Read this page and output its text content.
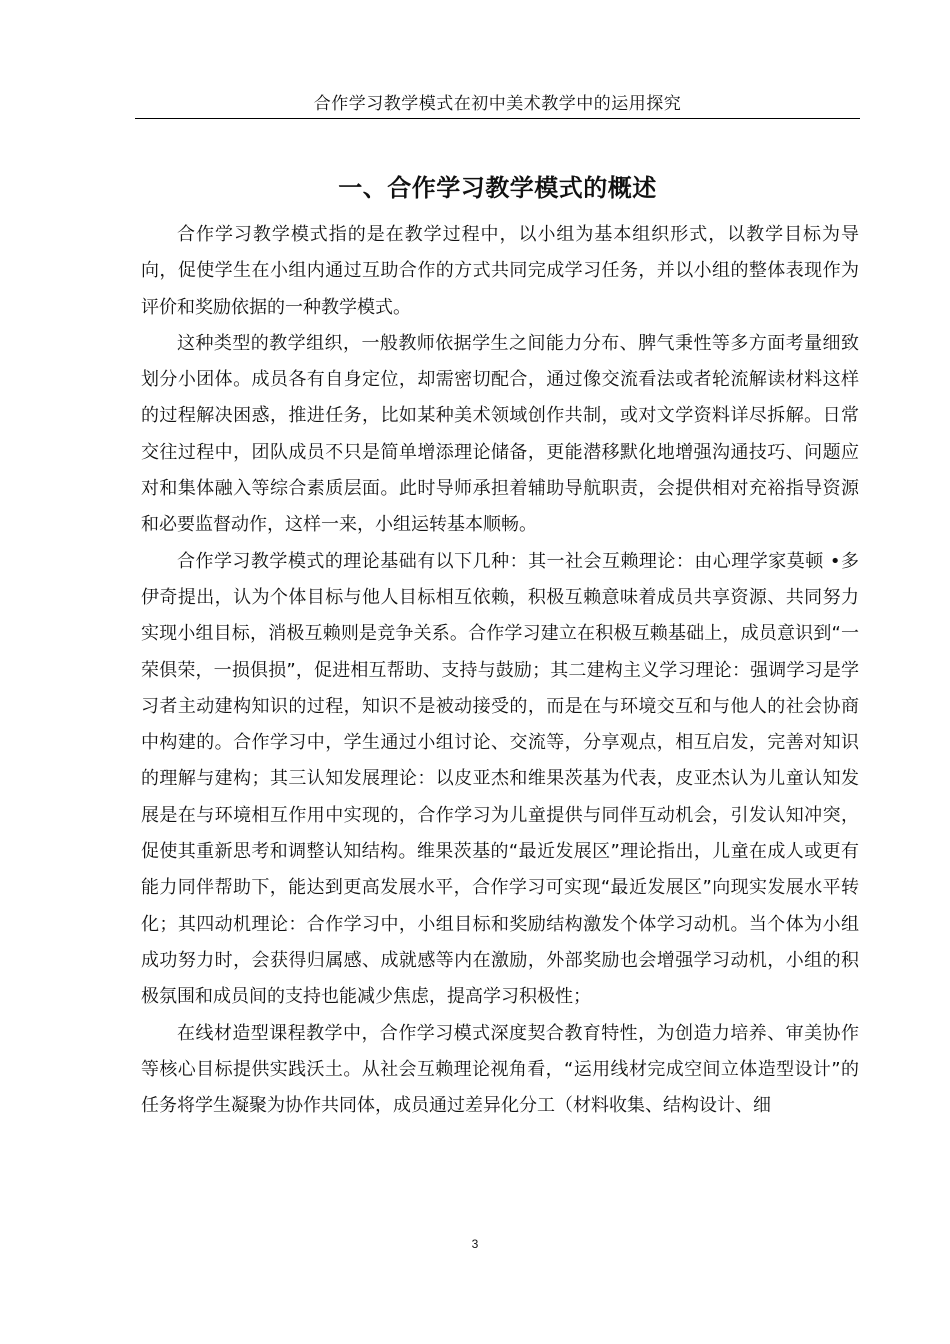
合作学习教学模式在初中美术教学中的运用探究
一、合作学习教学模式的概述

合作学习教学模式指的是在教学过程中，以小组为基本组织形式，以教学目标为导向，促使学生在小组内通过互助合作的方式共同完成学习任务，并以小组的整体表现作为评价和奖励依据的一种教学模式。

这种类型的教学组织，一般教师依据学生之间能力分布、脾气秉性等多方面考量细致划分小团体。成员各有自身定位，却需密切配合，通过像交流看法或者轮流解读材料这样的过程解决困惑，推进任务，比如某种美术领域创作共制，或对文学资料详尽拆解。日常交往过程中，团队成员不只是简单增添理论储备，更能潜移默化地增强沟通技巧、问题应对和集体融入等综合素质层面。此时导师承担着辅助导航职责，会提供相对充裕指导资源和必要监督动作，这样一来，小组运转基本顺畅。

合作学习教学模式的理论基础有以下几种：其一社会互赖理论：由心理学家莫顿 •多伊奇提出，认为个体目标与他人目标相互依赖，积极互赖意味着成员共享资源、共同努力实现小组目标，消极互赖则是竞争关系。合作学习建立在积极互赖基础上，成员意识到“一荣俱荣，一损俱损”，促进相互帮助、支持与鼓励；其二建构主义学习理论：强调学习是学习者主动建构知识的过程，知识不是被动接受的，而是在与环境交互和与他人的社会协商中构建的。合作学习中，学生通过小组讨论、交流等，分享观点，相互启发，完善对知识的理解与建构；其三认知发展理论：以皮亚杰和维果茨基为代表，皮亚杰认为儿童认知发展是在与环境相互作用中实现的，合作学习为儿童提供与同伴互动机会，引发认知冲突，促使其重新思考和调整认知结构。维果茨基的“最近发展区”理论指出，儿童在成人或更有能力同伴帮助下，能达到更高发展水平，合作学习可实现“最近发展区”向现实发展水平转化；其四动机理论：合作学习中，小组目标和奖励结构激发个体学习动机。当个体为小组成功努力时，会获得归属感、成就感等内在激励，外部奖励也会增强学习动机，小组的积极氛围和成员间的支持也能减少焦虑，提高学习积极性；

在线材造型课程教学中，合作学习模式深度契合教育特性，为创造力培养、审美协作等核心目标提供实践沃土。从社会互赖理论视角看，“运用线材完成空间立体造型设计”的任务将学生凝聚为协作共同体，成员通过差异化分工（材料收集、结构设计、细

3
